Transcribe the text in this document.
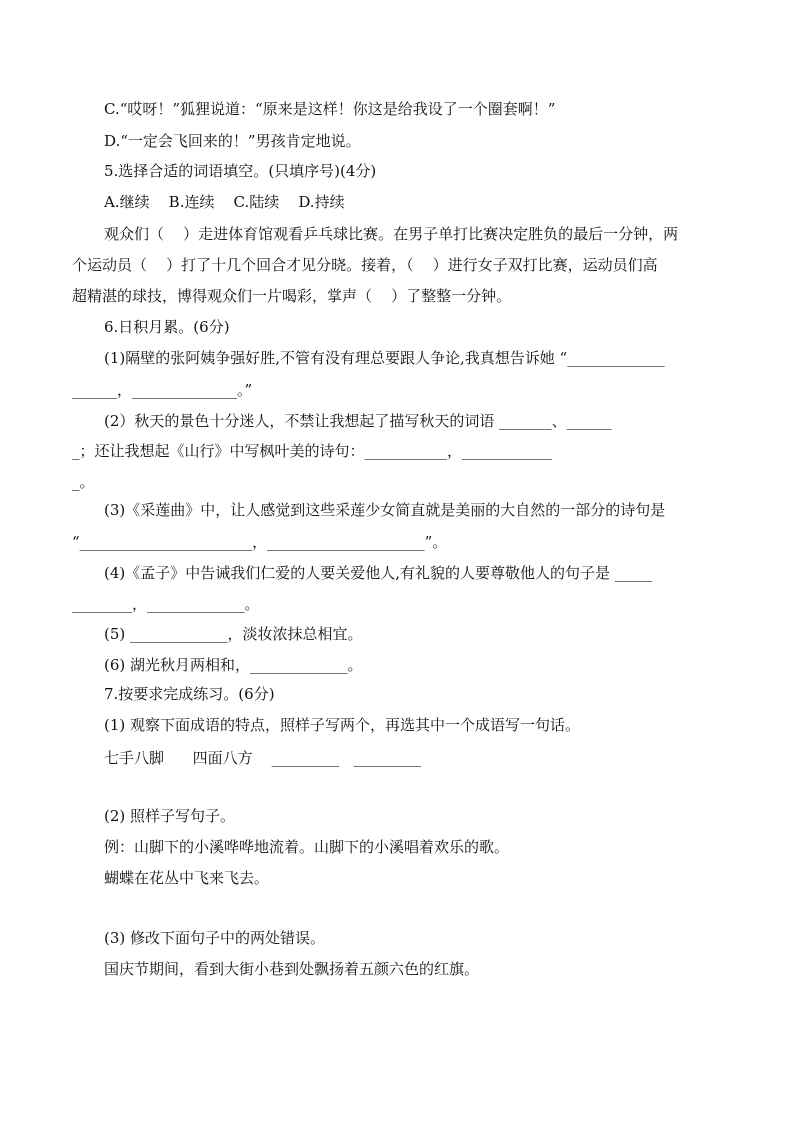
C.“哎呀！”狐狸说道：“原来是这样！你这是给我设了一个圈套啊！”
D.“一定会飞回来的！”男孩肯定地说。
5.选择合适的词语填空。(只填序号)(4分)
A.继续    B.连续    C.陆续    D.持续
观众们（    ）走进体育馆观看乒乓球比赛。在男子单打比赛决定胜负的最后一分钟，两
个运动员（    ）打了十几个回合才见分晓。接着，（    ）进行女子双打比赛，运动员们高
超精湛的球技，博得观众们一片喝彩，掌声（    ）了整整一分钟。
6.日积月累。(6分)
(1)隔壁的张阿姨争强好胜,不管有没有理总要跟人争论,我真想告诉她 “_____________
______，______________。”
(2）秋天的景色十分迷人，不禁让我想起了描写秋天的词语 _______、______
_；还让我想起《山行》中写枫叶美的诗句：___________，____________
_。
(3)《采莲曲》中，让人感觉到这些采莲少女简直就是美丽的大自然的一部分的诗句是
“_______________________，_____________________”。
(4)《孟子》中告诫我们仁爱的人要关爱他人,有礼貌的人要尊敬他人的句子是 _____
________，_____________。
(5) _____________，淡妆浓抹总相宜。
(6) 湖光秋月两相和，_____________。
7.按要求完成练习。(6分)
(1) 观察下面成语的特点，照样子写两个，再选其中一个成语写一句话。
七手八脚      四面八方    _________   _________
(2) 照样子写句子。
例：山脚下的小溪哗哗地流着。山脚下的小溪唱着欢乐的歌。
蝴蝶在花丛中飞来飞去。
(3) 修改下面句子中的两处错误。
国庆节期间，看到大街小巷到处飘扬着五颜六色的红旗。
